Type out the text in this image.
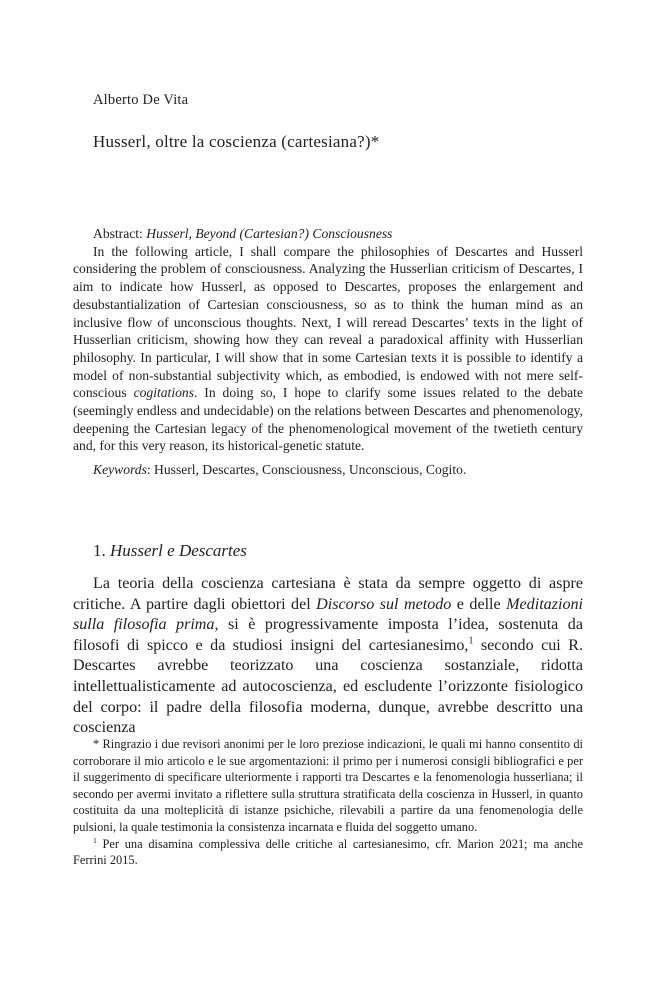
Alberto De Vita
Husserl, oltre la coscienza (cartesiana?)*

Abstract: Husserl, Beyond (Cartesian?) Consciousness

In the following article, I shall compare the philosophies of Descartes and Husserl considering the problem of consciousness. Analyzing the Husserlian criticism of Descartes, I aim to indicate how Husserl, as opposed to Descartes, proposes the enlargement and desubstantialization of Cartesian consciousness, so as to think the human mind as an inclusive flow of unconscious thoughts. Next, I will reread Descartes’ texts in the light of Husserlian criticism, showing how they can reveal a paradoxical affinity with Husserlian philosophy. In particular, I will show that in some Cartesian texts it is possible to identify a model of non-substantial subjectivity which, as embodied, is endowed with not mere self-conscious cogitations. In doing so, I hope to clarify some issues related to the debate (seemingly endless and undecidable) on the relations between Descartes and phenomenology, deepening the Cartesian legacy of the phenomenological movement of the twetieth century and, for this very reason, its historical-genetic statute.

Keywords: Husserl, Descartes, Consciousness, Unconscious, Cogito.

1. Husserl e Descartes

La teoria della coscienza cartesiana è stata da sempre oggetto di aspre critiche. A partire dagli obiettori del Discorso sul metodo e delle Meditazioni sulla filosofia prima, si è progressivamente imposta l’idea, sostenuta da filosofi di spicco e da studiosi insigni del cartesianesimo,$^1$ secondo cui R. Descartes avrebbe teorizzato una coscienza sostanziale, ridotta intellettualisticamente ad autocoscienza, ed escludente l’orizzonte fisiologico del corpo: il padre della filosofia moderna, dunque, avrebbe descritto una coscienza

* Ringrazio i due revisori anonimi per le loro preziose indicazioni, le quali mi hanno consentito di corroborare il mio articolo e le sue argomentazioni: il primo per i numerosi consigli bibliografici e per il suggerimento di specificare ulteriormente i rapporti tra Descartes e la fenomenologia husserliana; il secondo per avermi invitato a riflettere sulla struttura stratificata della coscienza in Husserl, in quanto costituita da una molteplicità di istanze psichiche, rilevabili a partire da una fenomenologia delle pulsioni, la quale testimonia la consistenza incarnata e fluida del soggetto umano.

$^1$ Per una disamina complessiva delle critiche al cartesianesimo, cfr. Marion 2021; ma anche Ferrini 2015.
